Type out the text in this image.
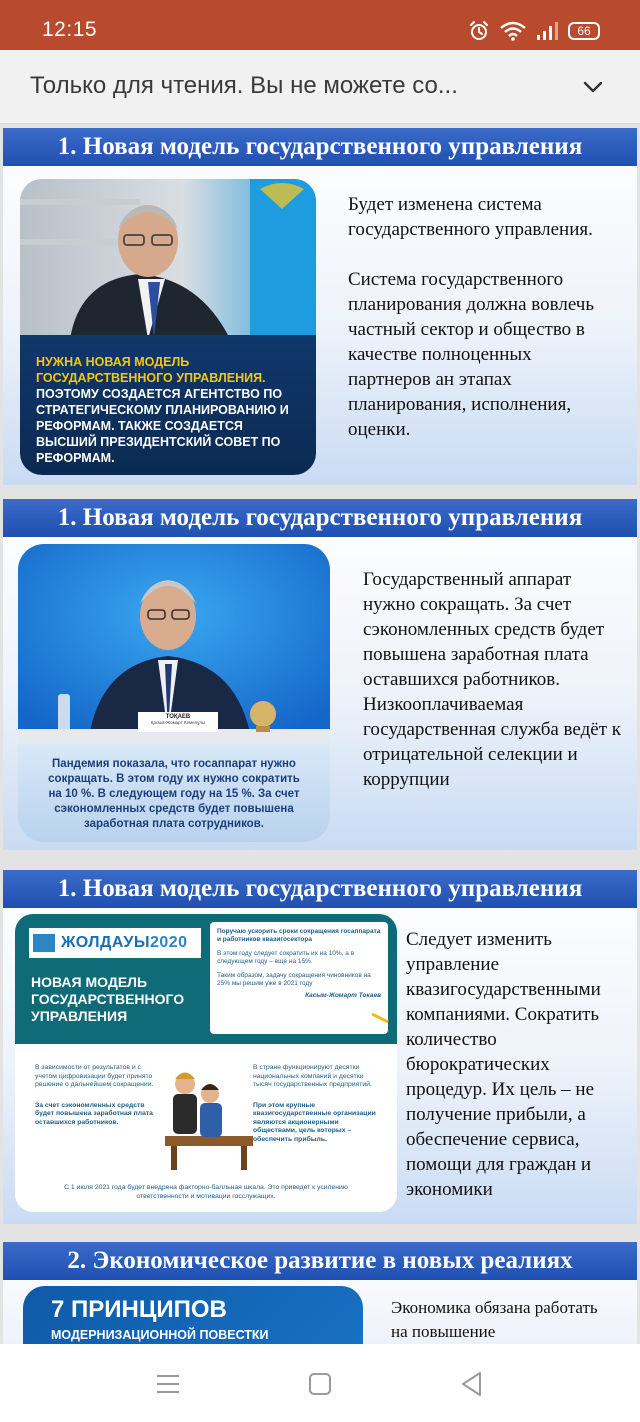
12:15	66
Только для чтения. Вы не можете со...
1. Новая модель государственного управления
НУЖНА НОВАЯ МОДЕЛЬ ГОСУДАРСТВЕННОГО УПРАВЛЕНИЯ. ПОЭТОМУ СОЗДАЕТСЯ АГЕНТСТВО ПО СТРАТЕГИЧЕСКОМУ ПЛАНИРОВАНИЮ И РЕФОРМАМ. ТАКЖЕ СОЗДАЕТСЯ ВЫСШИЙ ПРЕЗИДЕНТСКИЙ СОВЕТ ПО РЕФОРМАМ.

Будет изменена система государственного управления.

Система государственного планирования должна вовлечь частный сектор и общество в качестве полноценных партнеров ан этапах планирования, исполнения, оценки.

1. Новая модель государственного управления
ТОҚАЕВ
Қасым-Жомарт Кемелұлы
Пандемия показала, что госаппарат нужно сокращать. В этом году их нужно сократить на 10 %. В следующем году на 15 %. За счет сэкономленных средств будет повышена заработная плата сотрудников.
Государственный аппарат нужно сокращать. За счет сэкономленных средств будет повышена заработная плата оставшихся работников. Низкооплачиваемая государственная служба ведёт к отрицательной селекции и коррупции
1. Новая модель государственного управления
ЖОЛДАУЫ2020
НОВАЯ МОДЕЛЬ ГОСУДАРСТВЕННОГО УПРАВЛЕНИЯ
Поручаю ускорить сроки сокращения госаппарата и работников квазигосектора
В этом году следует сократить их на 10%, а в следующем году – еще на 15%.
Таким образом, задачу сокращения чиновников на 25% мы решим уже в 2021 году
Касым-Жомарт Токаев
В зависимости от результатов и с учетом цифровизации будет принято решение о дальнейшем сокращении.
За счет сэкономленных средств будет повышена заработная плата оставшихся работников.
В стране функционируют десятки национальных компаний и десятки тысяч государственных предприятий.
При этом крупные квазигосударственные организации являются акционерными обществами, цель которых – обеспечить прибыль.
С 1 июля 2021 года будет внедрена факторно-балльная шкала. Это приведет к усилению ответственности и мотивации госслужащих.
Следует изменить управление квазигосударственными компаниями. Сократить количество бюрократических процедур. Их цель – не получение прибыли, а обеспечение сервиса, помощи для граждан и экономики
2. Экономическое развитие в новых реалиях
7 ПРИНЦИПОВ
МОДЕРНИЗАЦИОННОЙ ПОВЕСТКИ
Экономика обязана работать на повышение
